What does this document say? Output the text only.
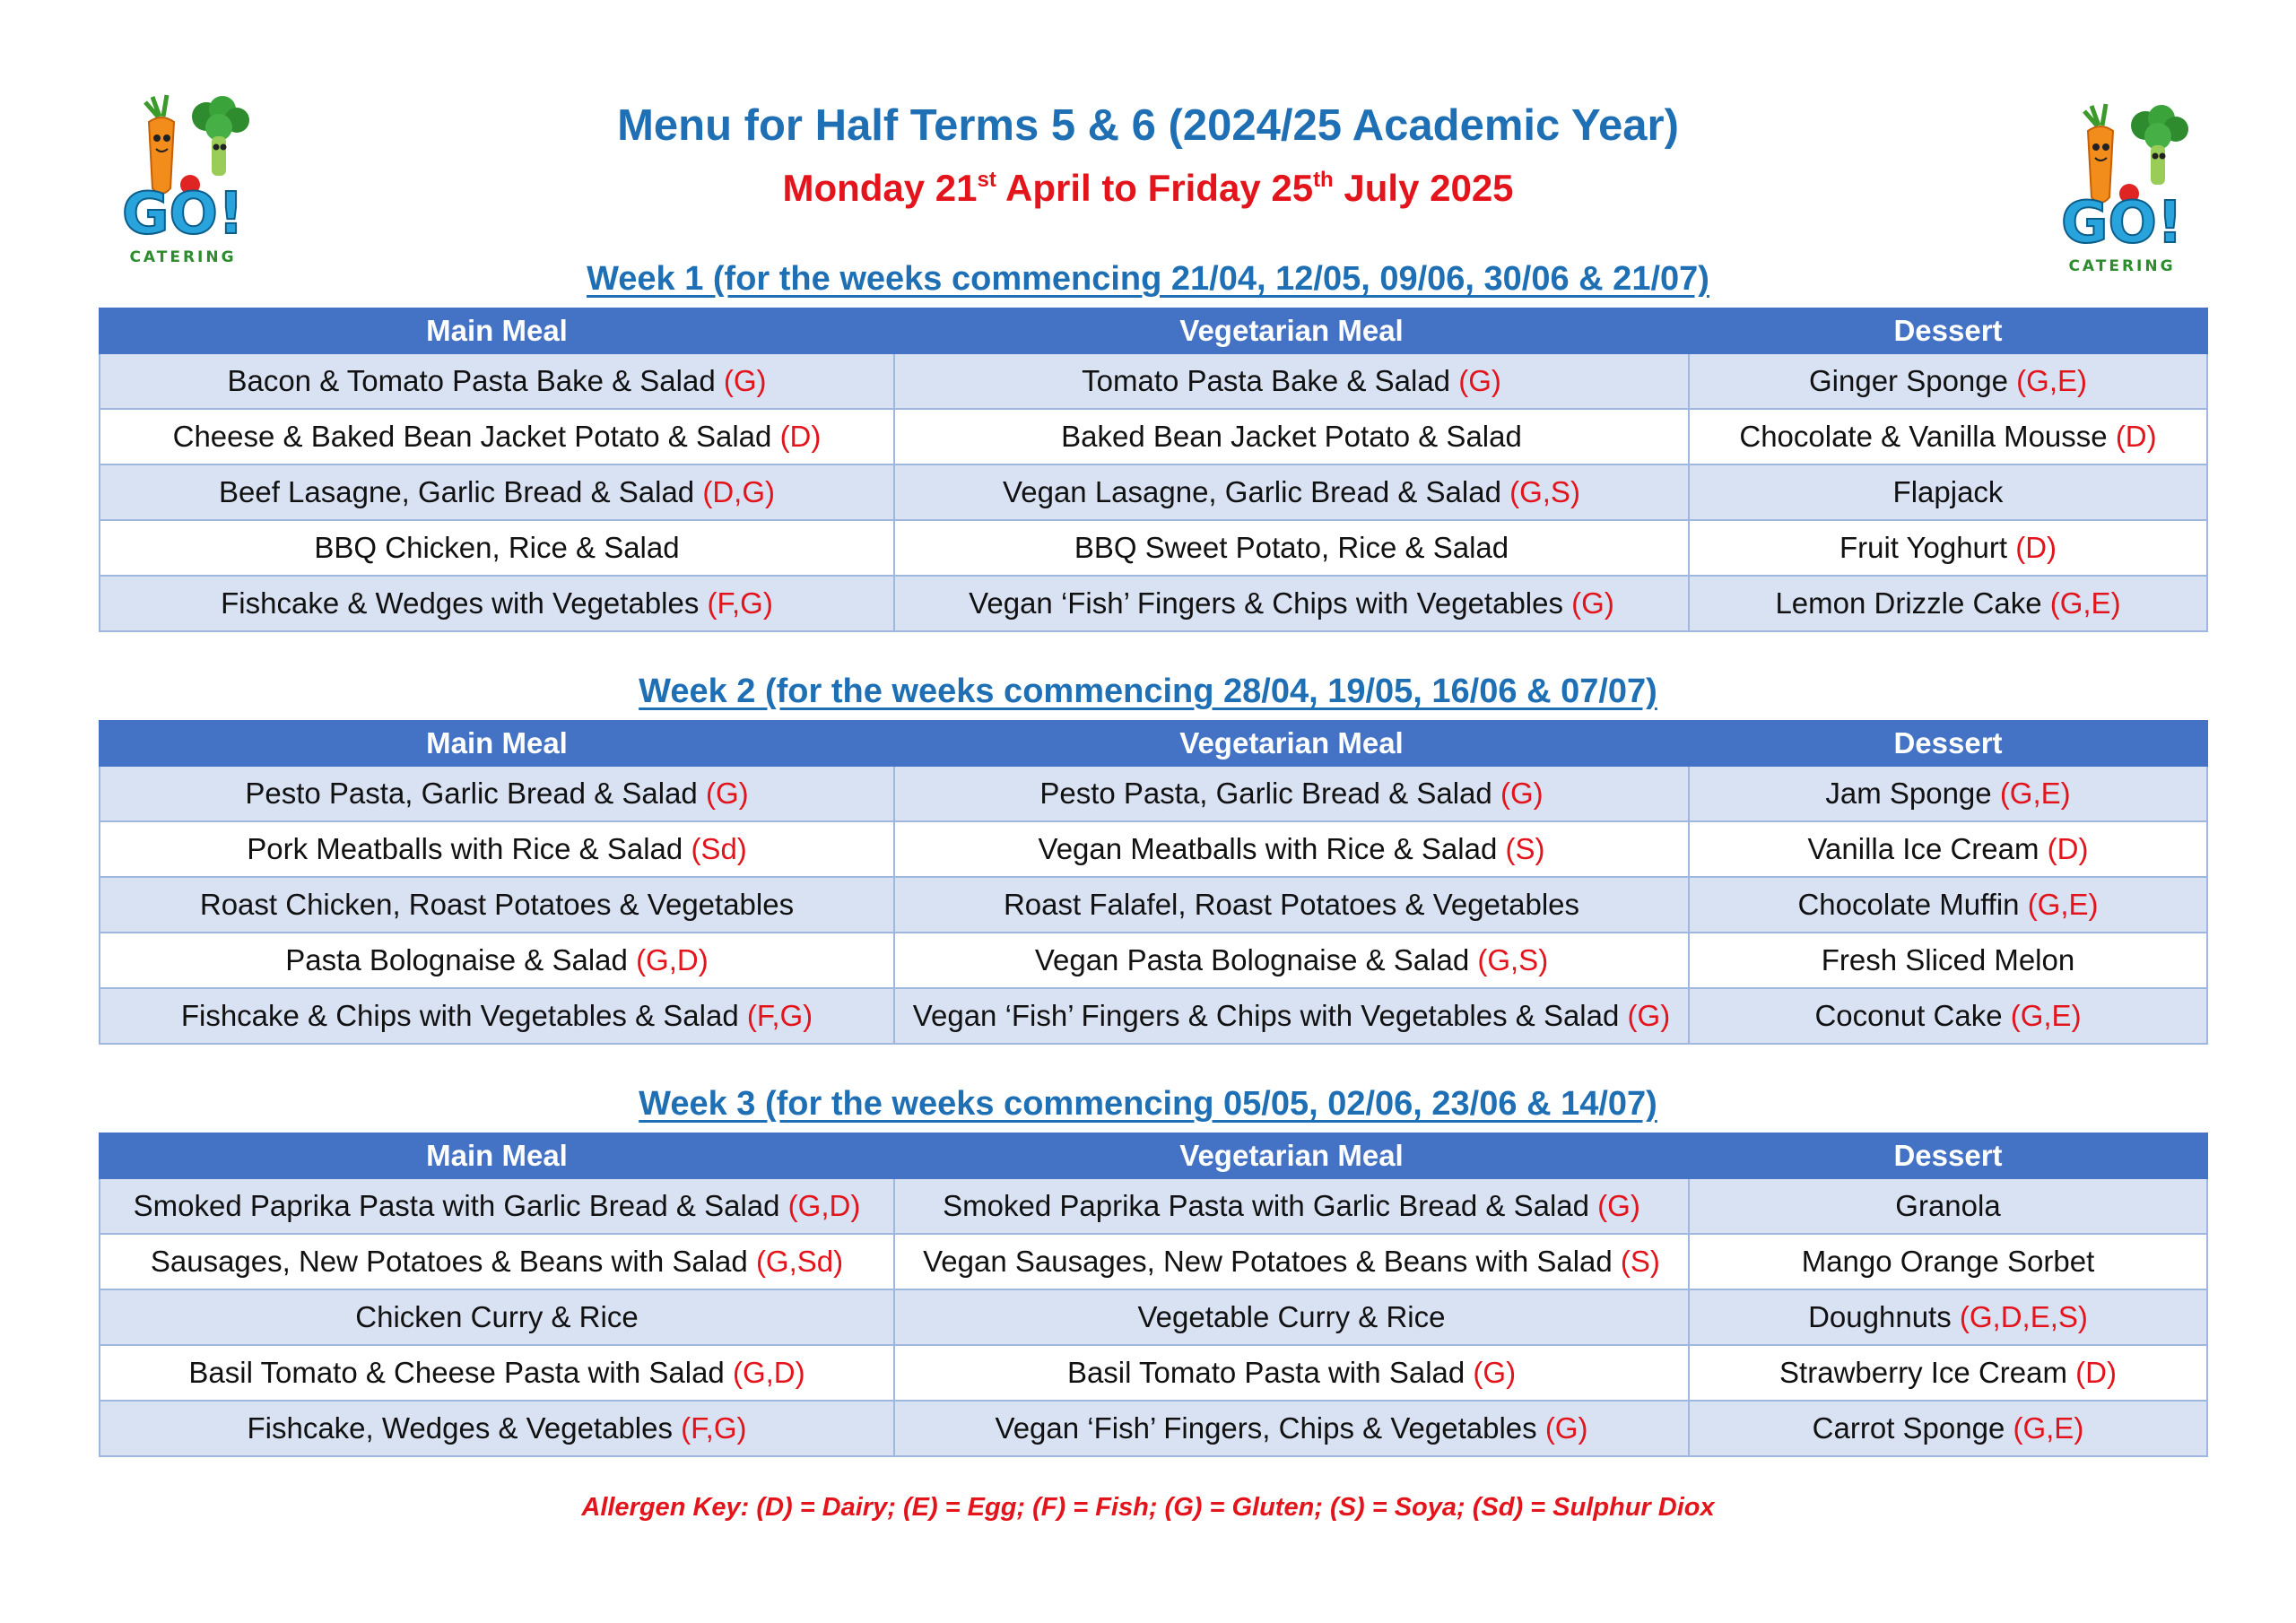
GO!
CATERING
GO!
CATERING
Menu for Half Terms 5 & 6 (2024/25 Academic Year)
Monday 21st April to Friday 25th July 2025
Week 1 (for the weeks commencing 21/04, 12/05, 09/06, 30/06 & 21/07)
Main Meal	Vegetarian Meal	Dessert
Bacon & Tomato Pasta Bake & Salad (G)	Tomato Pasta Bake & Salad (G)	Ginger Sponge (G,E)
Cheese & Baked Bean Jacket Potato & Salad (D)	Baked Bean Jacket Potato & Salad	Chocolate & Vanilla Mousse (D)
Beef Lasagne, Garlic Bread & Salad (D,G)	Vegan Lasagne, Garlic Bread & Salad (G,S)	Flapjack
BBQ Chicken, Rice & Salad	BBQ Sweet Potato, Rice & Salad	Fruit Yoghurt (D)
Fishcake & Wedges with Vegetables (F,G)	Vegan ‘Fish’ Fingers & Chips with Vegetables (G)	Lemon Drizzle Cake (G,E)
Week 2 (for the weeks commencing 28/04, 19/05, 16/06 & 07/07)
Main Meal	Vegetarian Meal	Dessert
Pesto Pasta, Garlic Bread & Salad (G)	Pesto Pasta, Garlic Bread & Salad (G)	Jam Sponge (G,E)
Pork Meatballs with Rice & Salad (Sd)	Vegan Meatballs with Rice & Salad (S)	Vanilla Ice Cream (D)
Roast Chicken, Roast Potatoes & Vegetables	Roast Falafel, Roast Potatoes & Vegetables	Chocolate Muffin (G,E)
Pasta Bolognaise & Salad (G,D)	Vegan Pasta Bolognaise & Salad (G,S)	Fresh Sliced Melon
Fishcake & Chips with Vegetables & Salad (F,G)	Vegan ‘Fish’ Fingers & Chips with Vegetables & Salad (G)	Coconut Cake (G,E)
Week 3 (for the weeks commencing 05/05, 02/06, 23/06 & 14/07)
Main Meal	Vegetarian Meal	Dessert
Smoked Paprika Pasta with Garlic Bread & Salad (G,D)	Smoked Paprika Pasta with Garlic Bread & Salad (G)	Granola
Sausages, New Potatoes & Beans with Salad (G,Sd)	Vegan Sausages, New Potatoes & Beans with Salad (S)	Mango Orange Sorbet
Chicken Curry & Rice	Vegetable Curry & Rice	Doughnuts (G,D,E,S)
Basil Tomato & Cheese Pasta with Salad (G,D)	Basil Tomato Pasta with Salad (G)	Strawberry Ice Cream (D)
Fishcake, Wedges & Vegetables (F,G)	Vegan ‘Fish’ Fingers, Chips & Vegetables (G)	Carrot Sponge (G,E)
Allergen Key: (D) = Dairy; (E) = Egg; (F) = Fish; (G) = Gluten; (S) = Soya; (Sd) = Sulphur Diox
